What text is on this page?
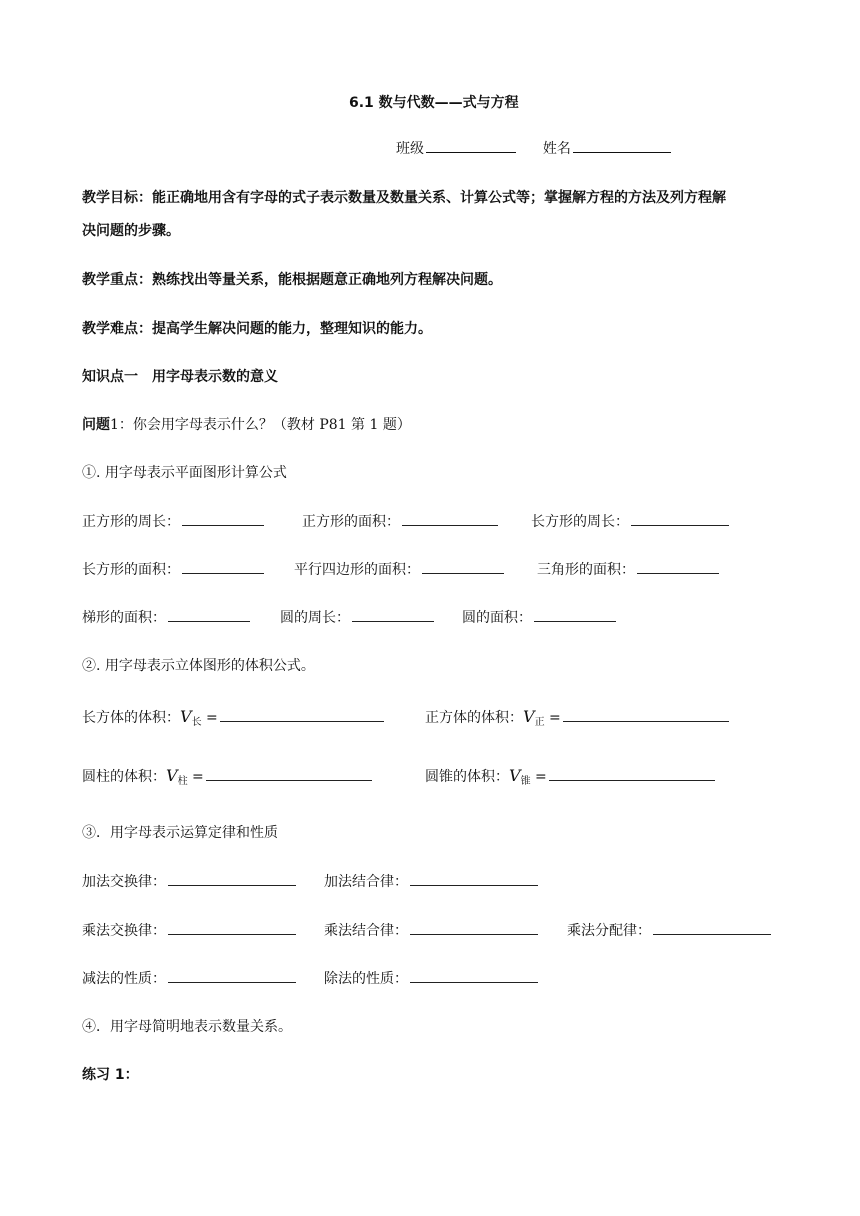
6.1 数与代数——式与方程
班级	姓名
教学目标：能正确地用含有字母的式子表示数量及数量关系、计算公式等；掌握解方程的方法及列方程解
决问题的步骤。
教学重点：熟练找出等量关系，能根据题意正确地列方程解决问题。
教学难点：提高学生解决问题的能力，整理知识的能力。
知识点一　用字母表示数的意义
问题1：你会用字母表示什么？（教材 P81 第 1 题）
①. 用字母表示平面图形计算公式
正方形的周长：	正方形的面积：	长方形的周长：
长方形的面积：	平行四边形的面积：	三角形的面积：
梯形的面积：	圆的周长：	圆的面积：
②. 用字母表示立体图形的体积公式。
长方体的体积：$V_长$ =	正方体的体积：$V_正$ =
圆柱的体积：$V_柱$ =	圆锥的体积：$V_锥$ =
③．用字母表示运算定律和性质
加法交换律：	加法结合律：
乘法交换律：	乘法结合律：	乘法分配律：
减法的性质：	除法的性质：
④．用字母简明地表示数量关系。
练习 1：
